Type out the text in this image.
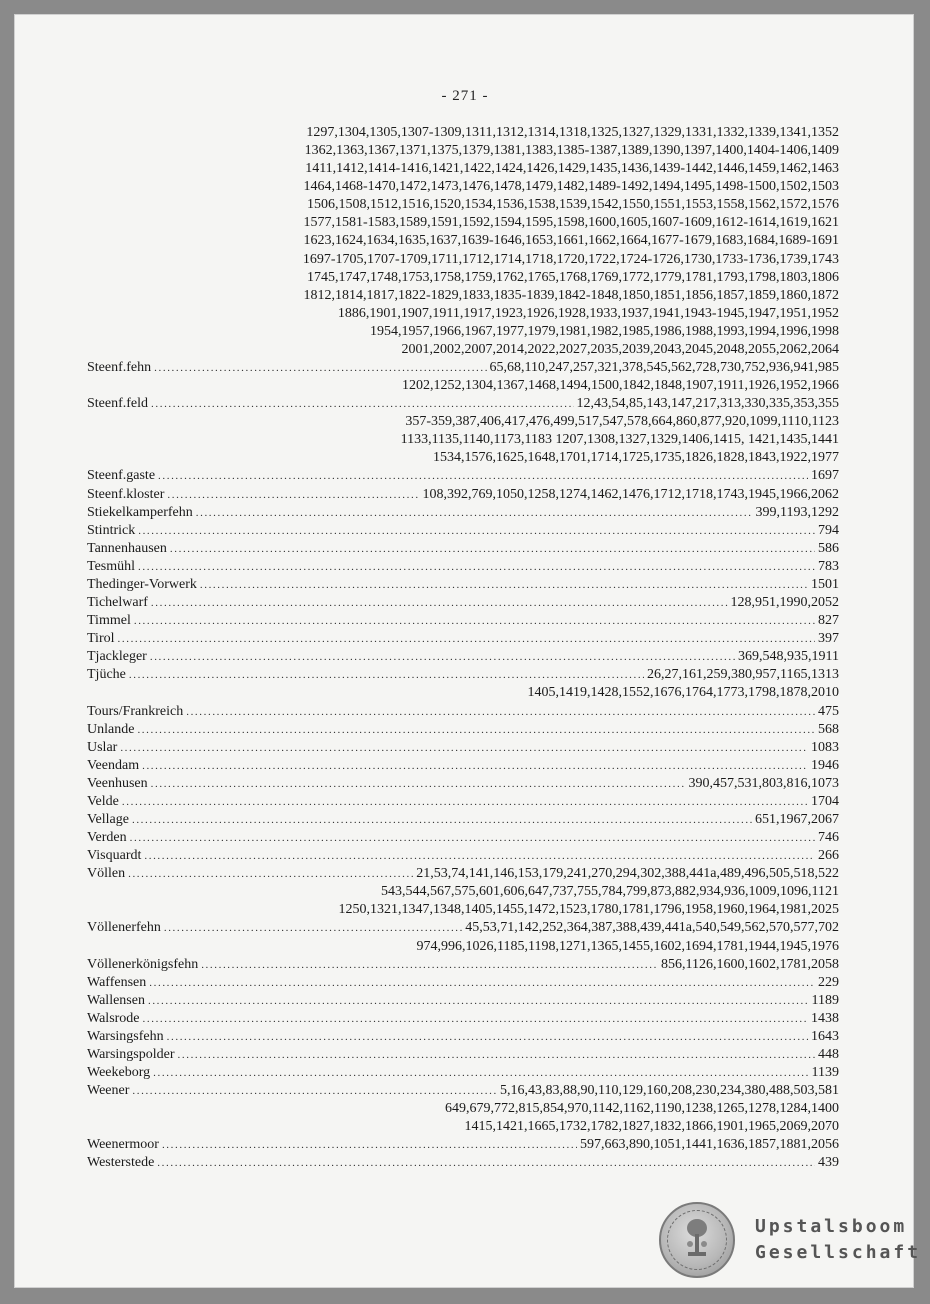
- 271 -
1297,1304,1305,1307-1309,1311,1312,1314,1318,1325,1327,1329,1331,1332,1339,1341,1352
1362,1363,1367,1371,1375,1379,1381,1383,1385-1387,1389,1390,1397,1400,1404-1406,1409
1411,1412,1414-1416,1421,1422,1424,1426,1429,1435,1436,1439-1442,1446,1459,1462,1463
1464,1468-1470,1472,1473,1476,1478,1479,1482,1489-1492,1494,1495,1498-1500,1502,1503
1506,1508,1512,1516,1520,1534,1536,1538,1539,1542,1550,1551,1553,1558,1562,1572,1576
1577,1581-1583,1589,1591,1592,1594,1595,1598,1600,1605,1607-1609,1612-1614,1619,1621
1623,1624,1634,1635,1637,1639-1646,1653,1661,1662,1664,1677-1679,1683,1684,1689-1691
1697-1705,1707-1709,1711,1712,1714,1718,1720,1722,1724-1726,1730,1733-1736,1739,1743
1745,1747,1748,1753,1758,1759,1762,1765,1768,1769,1772,1779,1781,1793,1798,1803,1806
1812,1814,1817,1822-1829,1833,1835-1839,1842-1848,1850,1851,1856,1857,1859,1860,1872
1886,1901,1907,1911,1917,1923,1926,1928,1933,1937,1941,1943-1945,1947,1951,1952
1954,1957,1966,1967,1977,1979,1981,1982,1985,1986,1988,1993,1994,1996,1998
2001,2002,2007,2014,2022,2027,2035,2039,2043,2045,2048,2055,2062,2064
Steenf.fehn .....	65,68,110,247,257,321,378,545,562,728,730,752,936,941,985
1202,1252,1304,1367,1468,1494,1500,1842,1848,1907,1911,1926,1952,1966
Steenf.feld .....	12,43,54,85,143,147,217,313,330,335,353,355
357-359,387,406,417,476,499,517,547,578,664,860,877,920,1099,1110,1123
1133,1135,1140,1173,1183 1207,1308,1327,1329,1406,1415, 1421,1435,1441
1534,1576,1625,1648,1701,1714,1725,1735,1826,1828,1843,1922,1977
Steenf.gaste .....	1697
Steenf.kloster .....	108,392,769,1050,1258,1274,1462,1476,1712,1718,1743,1945,1966,2062
Stiekelkamperfehn .....	399,1193,1292
Stintrick .....	794
Tannenhausen .....	586
Tesmühl .....	783
Thedinger-Vorwerk .....	1501
Tichelwarf .....	128,951,1990,2052
Timmel .....	827
Tirol .....	397
Tjackleger .....	369,548,935,1911
Tjüche .....	26,27,161,259,380,957,1165,1313
1405,1419,1428,1552,1676,1764,1773,1798,1878,2010
Tours/Frankreich .....	475
Unlande .....	568
Uslar .....	1083
Veendam .....	1946
Veenhusen .....	390,457,531,803,816,1073
Velde .....	1704
Vellage .....	651,1967,2067
Verden .....	746
Visquardt .....	266
Völlen .....	21,53,74,141,146,153,179,241,270,294,302,388,441a,489,496,505,518,522
543,544,567,575,601,606,647,737,755,784,799,873,882,934,936,1009,1096,1121
1250,1321,1347,1348,1405,1455,1472,1523,1780,1781,1796,1958,1960,1964,1981,2025
Völlenerfehn .....	45,53,71,142,252,364,387,388,439,441a,540,549,562,570,577,702
974,996,1026,1185,1198,1271,1365,1455,1602,1694,1781,1944,1945,1976
Völlenerkönigsfehn .....	856,1126,1600,1602,1781,2058
Waffensen .....	229
Wallensen .....	1189
Walsrode .....	1438
Warsingsfehn .....	1643
Warsingspolder .....	448
Weekeborg .....	1139
Weener .....	5,16,43,83,88,90,110,129,160,208,230,234,380,488,503,581
649,679,772,815,854,970,1142,1162,1190,1238,1265,1278,1284,1400
1415,1421,1665,1732,1782,1827,1832,1866,1901,1965,2069,2070
Weenermoor .....	597,663,890,1051,1441,1636,1857,1881,2056
Westerstede .....	439
Upstalsboom
Gesellschaft
